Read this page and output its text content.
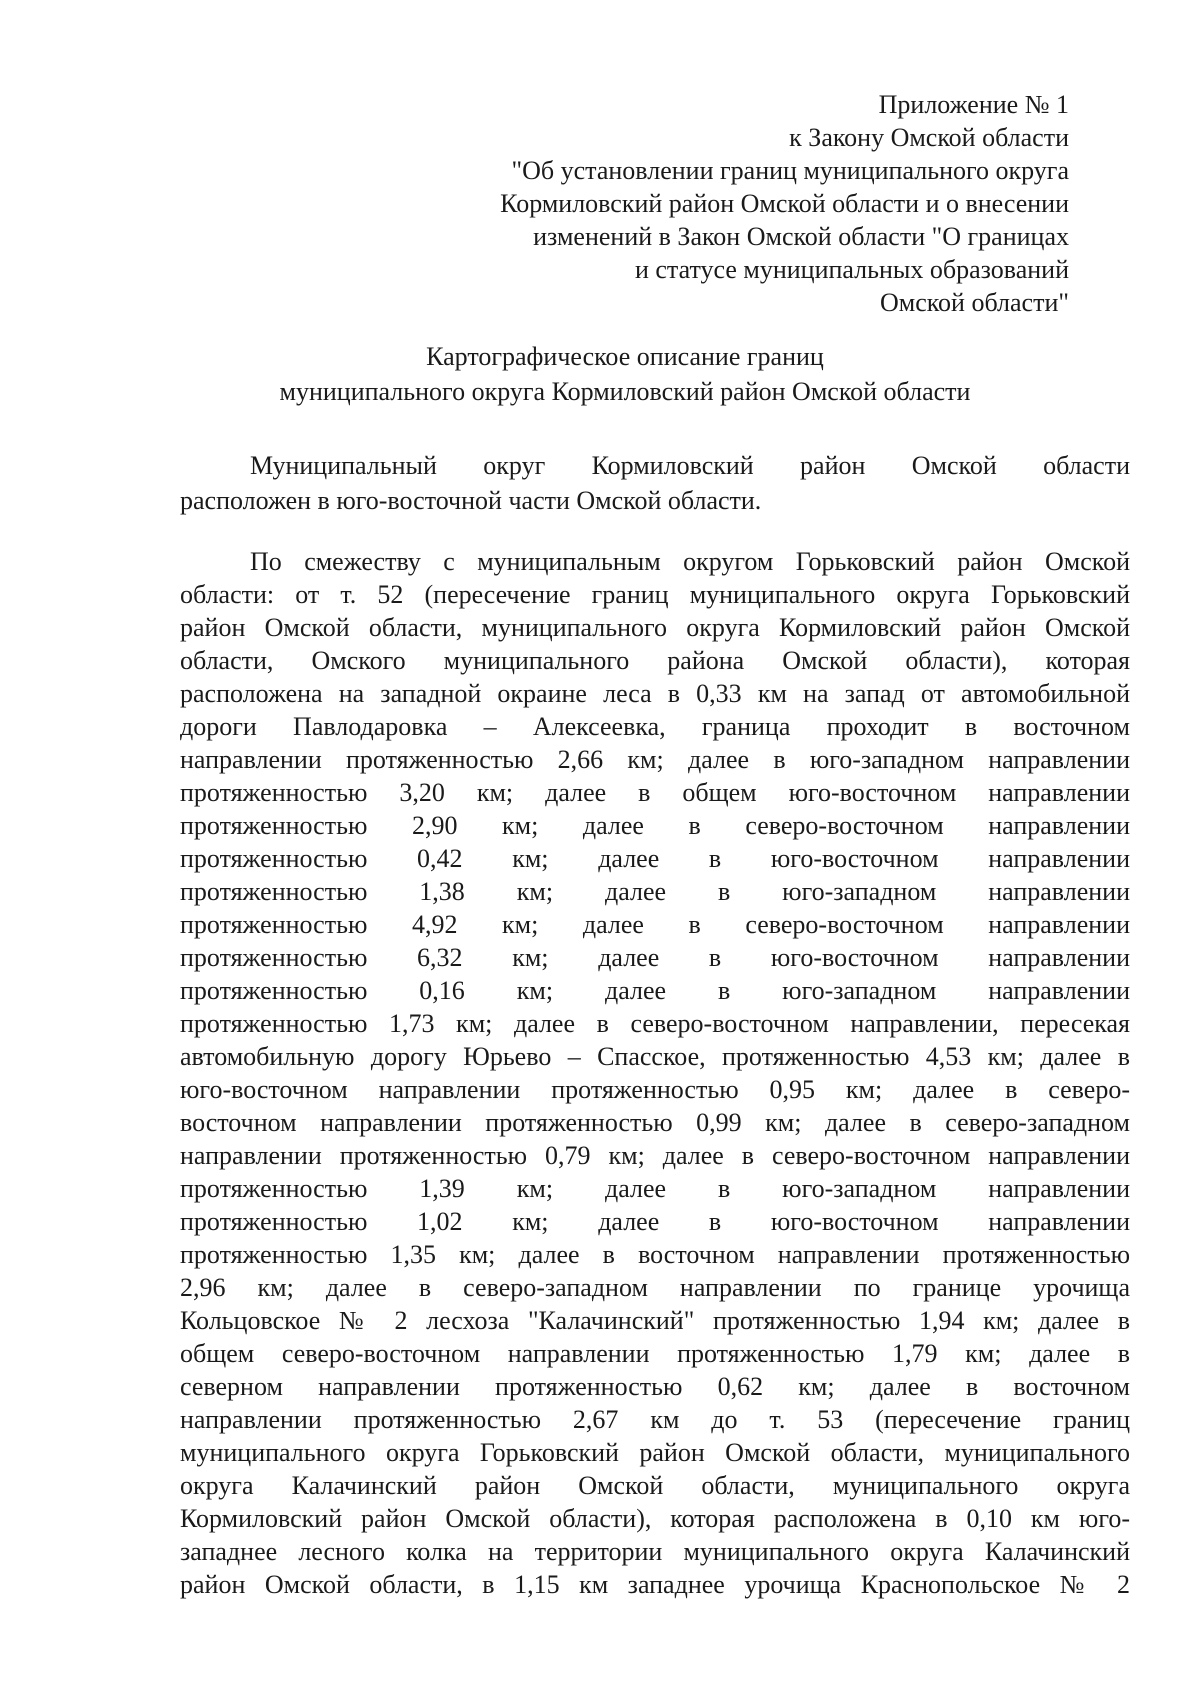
Приложение № 1
к Закону Омской области
"Об установлении границ муниципального округа
Кормиловский район Омской области и о внесении
изменений в Закон Омской области "О границах
и статусе муниципальных образований
Омской области"
Картографическое описание границ
муниципального округа Кормиловский район Омской области
Муниципальный округ Кормиловский район Омской области
расположен в юго-восточной части Омской области.
По смежеству с муниципальным округом Горьковский район Омской
области: от т. 52 (пересечение границ муниципального округа Горьковский
район Омской области, муниципального округа Кормиловский район Омской
области, Омского муниципального района Омской области), которая
расположена на западной окраине леса в 0,33 км на запад от автомобильной
дороги Павлодаровка – Алексеевка, граница проходит в восточном
направлении протяженностью 2,66 км; далее в юго-западном направлении
протяженностью 3,20 км; далее в общем юго-восточном направлении
протяженностью 2,90 км; далее в северо-восточном направлении
протяженностью 0,42 км; далее в юго-восточном направлении
протяженностью 1,38 км; далее в юго-западном направлении
протяженностью 4,92 км; далее в северо-восточном направлении
протяженностью 6,32 км; далее в юго-восточном направлении
протяженностью 0,16 км; далее в юго-западном направлении
протяженностью 1,73 км; далее в северо-восточном направлении, пересекая
автомобильную дорогу Юрьево – Спасское, протяженностью 4,53 км; далее в
юго-восточном направлении протяженностью 0,95 км; далее в северо-
восточном направлении протяженностью 0,99 км; далее в северо-западном
направлении протяженностью 0,79 км; далее в северо-восточном направлении
протяженностью 1,39 км; далее в юго-западном направлении
протяженностью 1,02 км; далее в юго-восточном направлении
протяженностью 1,35 км; далее в восточном направлении протяженностью
2,96 км; далее в северо-западном направлении по границе урочища
Кольцовское № 2 лесхоза "Калачинский" протяженностью 1,94 км; далее в
общем северо-восточном направлении протяженностью 1,79 км; далее в
северном направлении протяженностью 0,62 км; далее в восточном
направлении протяженностью 2,67 км до т. 53 (пересечение границ
муниципального округа Горьковский район Омской области, муниципального
округа Калачинский район Омской области, муниципального округа
Кормиловский район Омской области), которая расположена в 0,10 км юго-
западнее лесного колка на территории муниципального округа Калачинский
район Омской области, в 1,15 км западнее урочища Краснопольское № 2
